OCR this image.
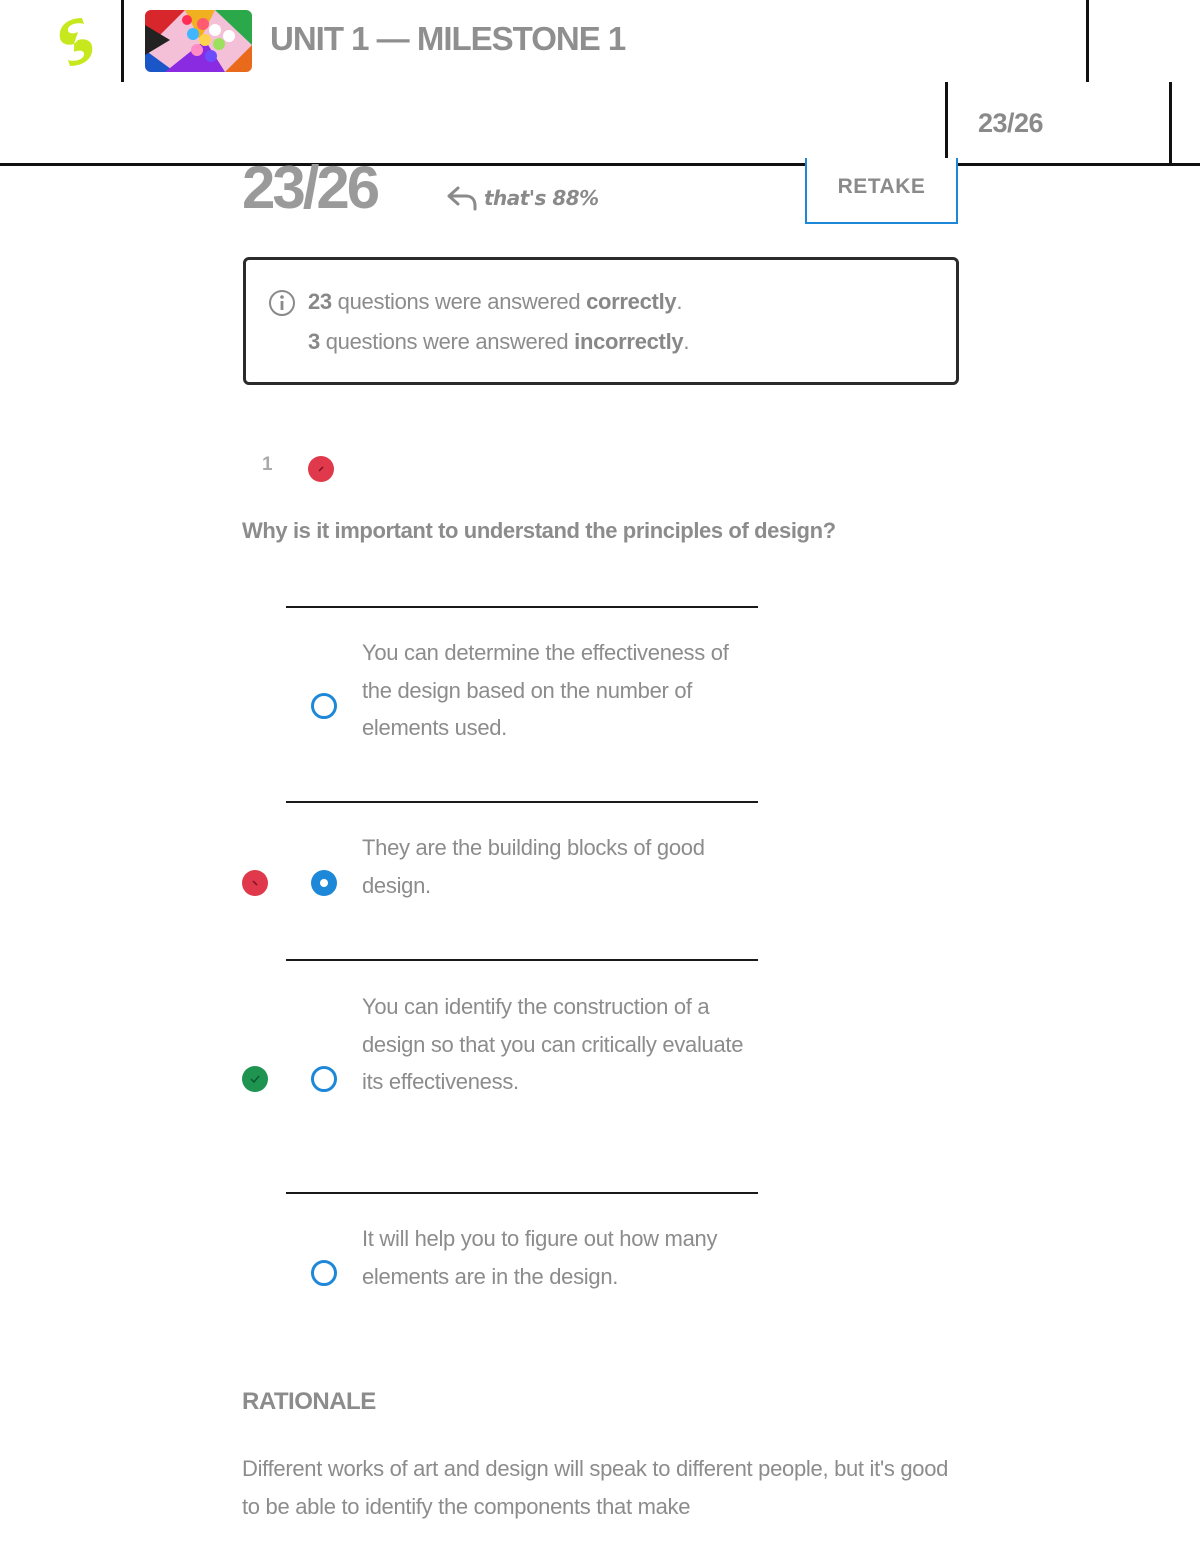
UNIT 1 — MILESTONE 1
23/26
23/26	that's 88%	RETAKE
23 questions were answered correctly.
3 questions were answered incorrectly.
1
Why is it important to understand the principles of design?
You can determine the effectiveness of the design based on the number of elements used.
They are the building blocks of good design.
You can identify the construction of a design so that you can critically evaluate its effectiveness.
It will help you to figure out how many elements are in the design.
RATIONALE
Different works of art and design will speak to different people, but it's good to be able to identify the components that make
